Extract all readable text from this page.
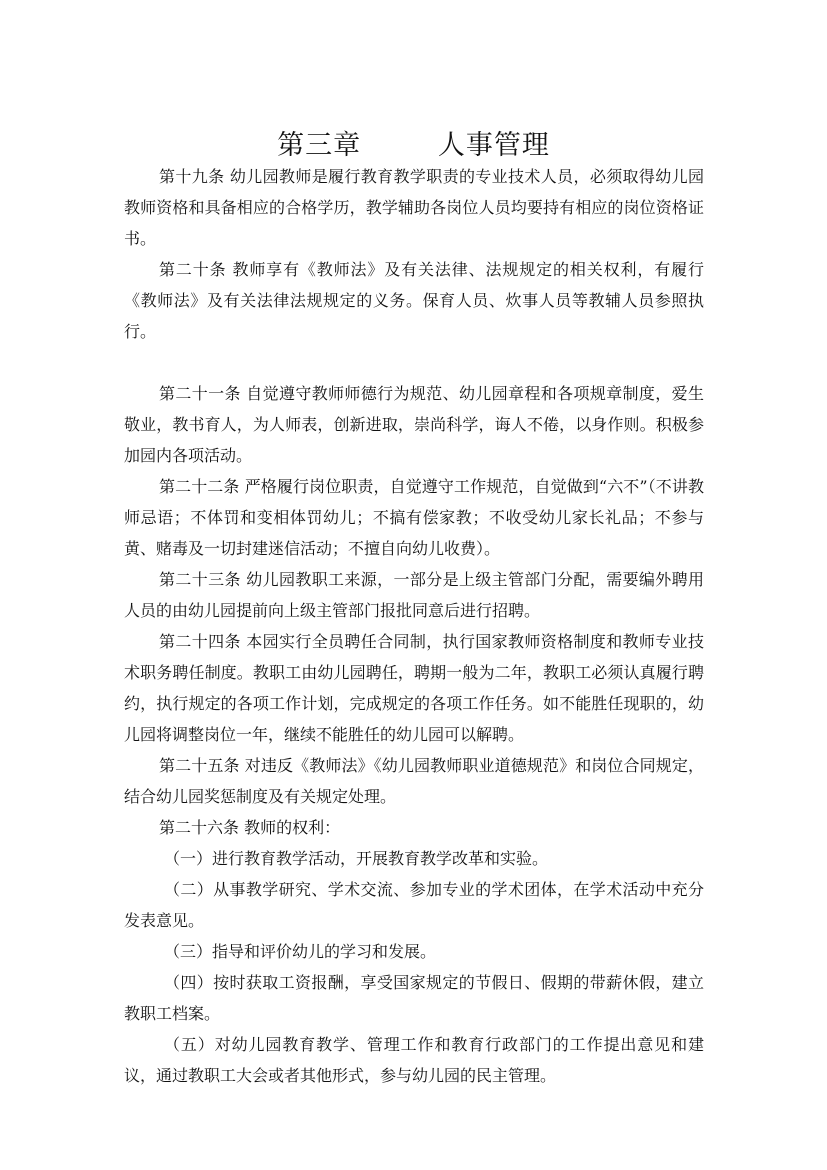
第三章        人事管理

第十九条 幼儿园教师是履行教育教学职责的专业技术人员，必须取得幼儿园教师资格和具备相应的合格学历，教学辅助各岗位人员均要持有相应的岗位资格证书。

第二十条 教师享有《教师法》及有关法律、法规规定的相关权利，有履行《教师法》及有关法律法规规定的义务。保育人员、炊事人员等教辅人员参照执行。

第二十一条 自觉遵守教师师德行为规范、幼儿园章程和各项规章制度，爱生敬业，教书育人，为人师表，创新进取，崇尚科学，诲人不倦，以身作则。积极参加园内各项活动。

第二十二条 严格履行岗位职责，自觉遵守工作规范，自觉做到“六不”（不讲教师忌语；不体罚和变相体罚幼儿；不搞有偿家教；不收受幼儿家长礼品；不参与黄、赌毒及一切封建迷信活动；不擅自向幼儿收费）。

第二十三条 幼儿园教职工来源，一部分是上级主管部门分配，需要编外聘用人员的由幼儿园提前向上级主管部门报批同意后进行招聘。

第二十四条 本园实行全员聘任合同制，执行国家教师资格制度和教师专业技术职务聘任制度。教职工由幼儿园聘任，聘期一般为二年，教职工必须认真履行聘约，执行规定的各项工作计划，完成规定的各项工作任务。如不能胜任现职的，幼儿园将调整岗位一年，继续不能胜任的幼儿园可以解聘。

第二十五条 对违反《教师法》《幼儿园教师职业道德规范》和岗位合同规定，结合幼儿园奖惩制度及有关规定处理。

第二十六条 教师的权利：

（一）进行教育教学活动，开展教育教学改革和实验。

（二）从事教学研究、学术交流、参加专业的学术团体，在学术活动中充分发表意见。

（三）指导和评价幼儿的学习和发展。

（四）按时获取工资报酬，享受国家规定的节假日、假期的带薪休假，建立教职工档案。

（五）对幼儿园教育教学、管理工作和教育行政部门的工作提出意见和建议，通过教职工大会或者其他形式，参与幼儿园的民主管理。
